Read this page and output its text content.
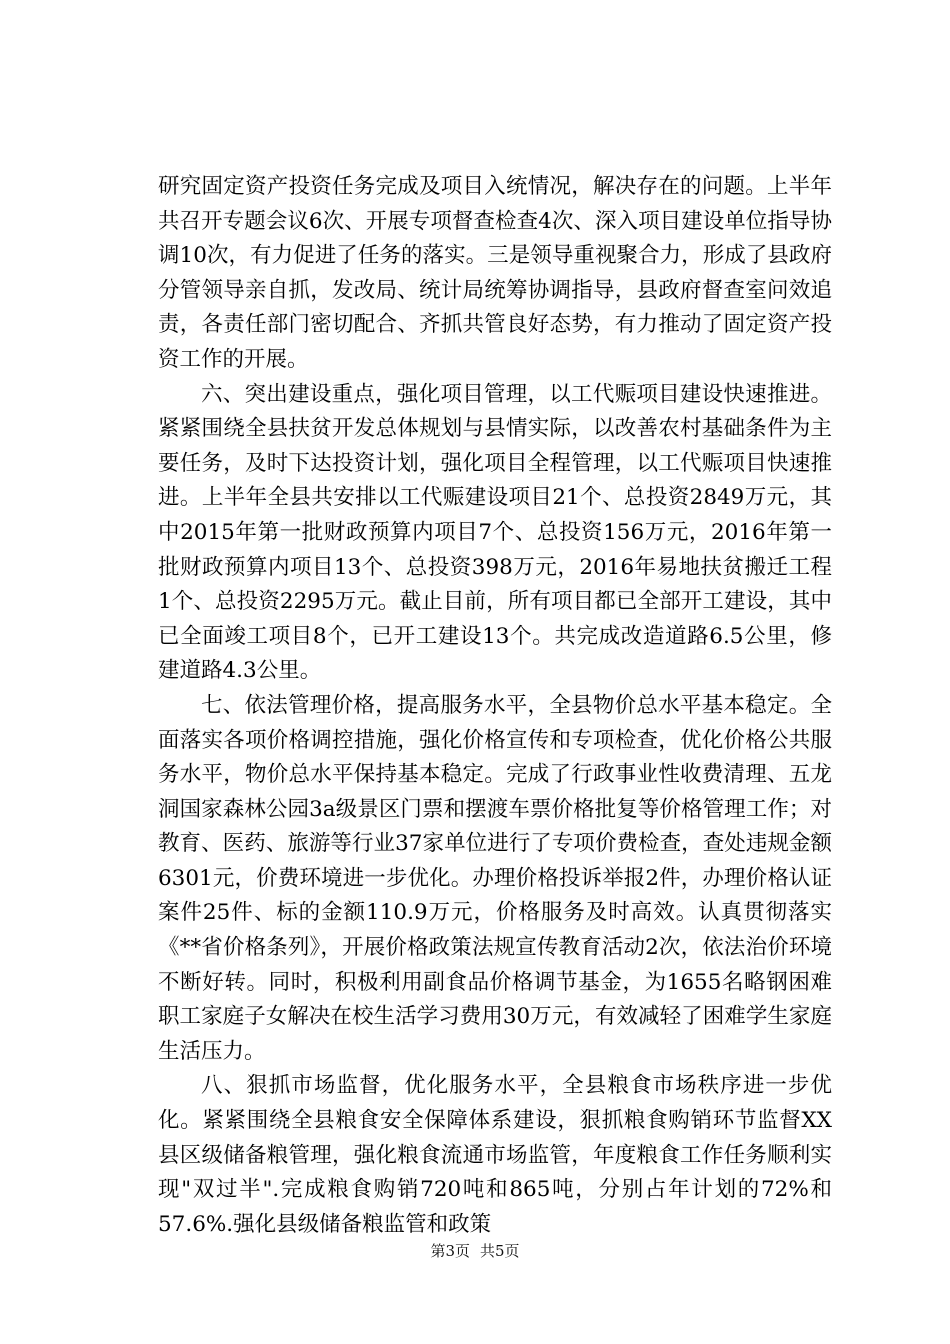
研究固定资产投资任务完成及项目入统情况，解决存在的问题。上半年共召开专题会议6次、开展专项督查检查4次、深入项目建设单位指导协调10次，有力促进了任务的落实。三是领导重视聚合力，形成了县政府分管领导亲自抓，发改局、统计局统筹协调指导，县政府督查室问效追责，各责任部门密切配合、齐抓共管良好态势，有力推动了固定资产投资工作的开展。

六、突出建设重点，强化项目管理，以工代赈项目建设快速推进。紧紧围绕全县扶贫开发总体规划与县情实际，以改善农村基础条件为主要任务，及时下达投资计划，强化项目全程管理，以工代赈项目快速推进。上半年全县共安排以工代赈建设项目21个、总投资2849万元，其中2015年第一批财政预算内项目7个、总投资156万元，2016年第一批财政预算内项目13个、总投资398万元，2016年易地扶贫搬迁工程1个、总投资2295万元。截止目前，所有项目都已全部开工建设，其中已全面竣工项目8个，已开工建设13个。共完成改造道路6.5公里，修建道路4.3公里。

七、依法管理价格，提高服务水平，全县物价总水平基本稳定。全面落实各项价格调控措施，强化价格宣传和专项检查，优化价格公共服务水平，物价总水平保持基本稳定。完成了行政事业性收费清理、五龙洞国家森林公园3a级景区门票和摆渡车票价格批复等价格管理工作；对教育、医药、旅游等行业37家单位进行了专项价费检查，查处违规金额6301元，价费环境进一步优化。办理价格投诉举报2件，办理价格认证案件25件、标的金额110.9万元，价格服务及时高效。认真贯彻落实《**省价格条列》，开展价格政策法规宣传教育活动2次，依法治价环境不断好转。同时，积极利用副食品价格调节基金，为1655名略钢困难职工家庭子女解决在校生活学习费用30万元，有效减轻了困难学生家庭生活压力。

八、狠抓市场监督，优化服务水平，全县粮食市场秩序进一步优化。紧紧围绕全县粮食安全保障体系建设，狠抓粮食购销环节监督XX县区级储备粮管理，强化粮食流通市场监管，年度粮食工作任务顺利实现"双过半".完成粮食购销720吨和865吨，分别占年计划的72%和57.6%.强化县级储备粮监管和政策

第3页 共5页
